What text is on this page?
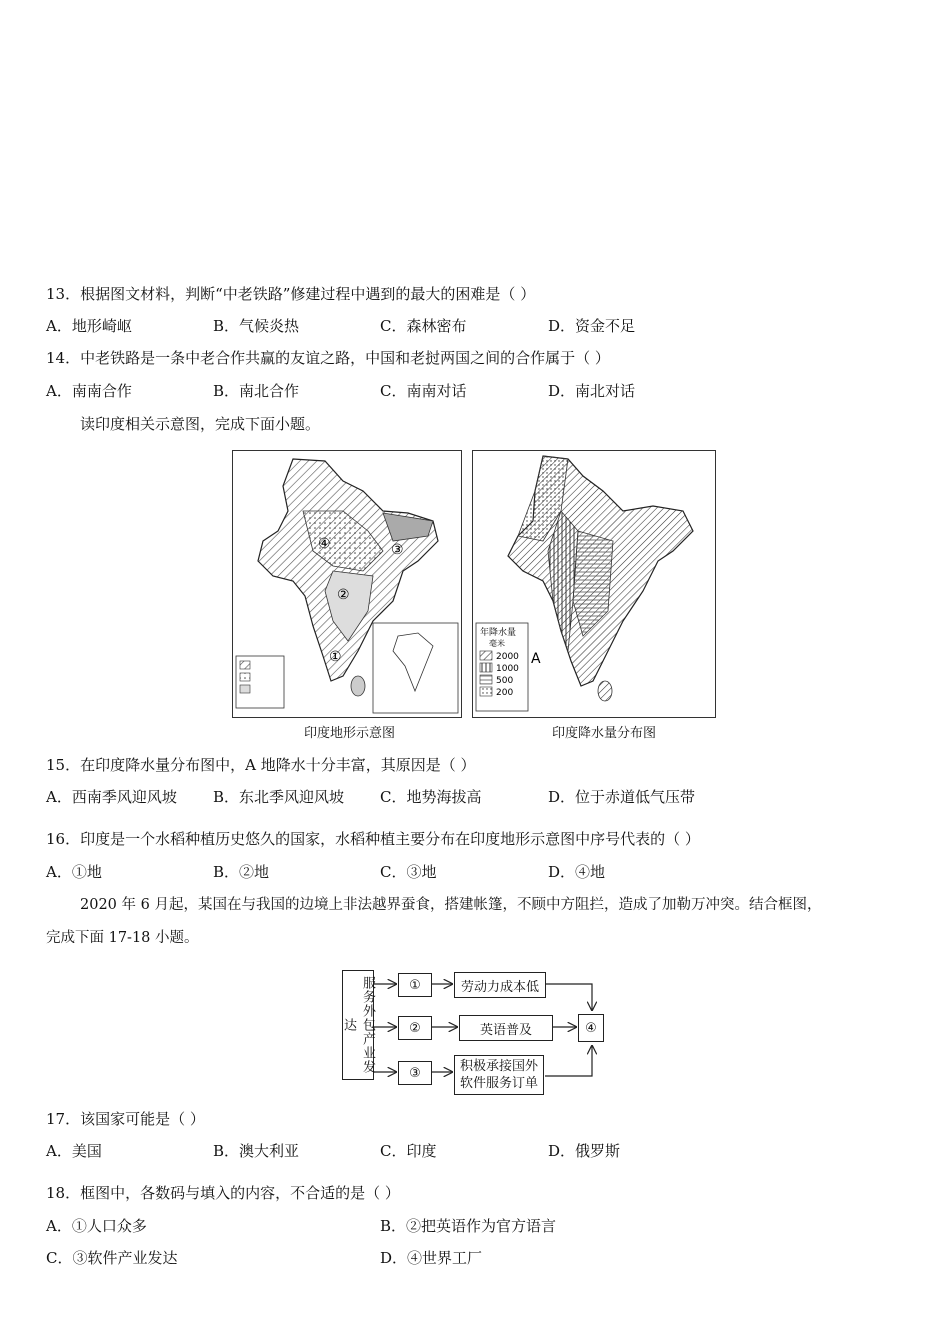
13．根据图文材料，判断“中老铁路”修建过程中遇到的最大的困难是（ ）
A．地形崎岖	B．气候炎热	C．森林密布	D．资金不足
14．中老铁路是一条中老合作共赢的友谊之路，中国和老挝两国之间的合作属于（ ）
A．南南合作	B．南北合作	C．南南对话	D．南北对话
读印度相关示意图，完成下面小题。
④	③
②
①
印度地形示意图
A
年降水量
毫米
2000
1000
500
200
印度降水量分布图
15．在印度降水量分布图中，A 地降水十分丰富，其原因是（ ）
A．西南季风迎风坡 B．东北季风迎风坡 C．地势海拔高	D．位于赤道低气压带
16．印度是一个水稻种植历史悠久的国家，水稻种植主要分布在印度地形示意图中序号代表的（ ）
A．①地	B．②地	C．③地	D．④地
2020 年 6 月起，某国在与我国的边境上非法越界蚕食，搭建帐篷，不顾中方阻拦，造成了加勒万冲突。结合框图，
完成下面 17-18 小题。
服务外包产业发达
①
②
③
④
劳动力成本低
英语普及
积极承接国外软件服务订单
17．该国家可能是（ ）
A．美国	B．澳大利亚	C．印度	D．俄罗斯
18．框图中，各数码与填入的内容，不合适的是（ ）
A．①人口众多	B．②把英语作为官方语言
C．③软件产业发达	D．④世界工厂
